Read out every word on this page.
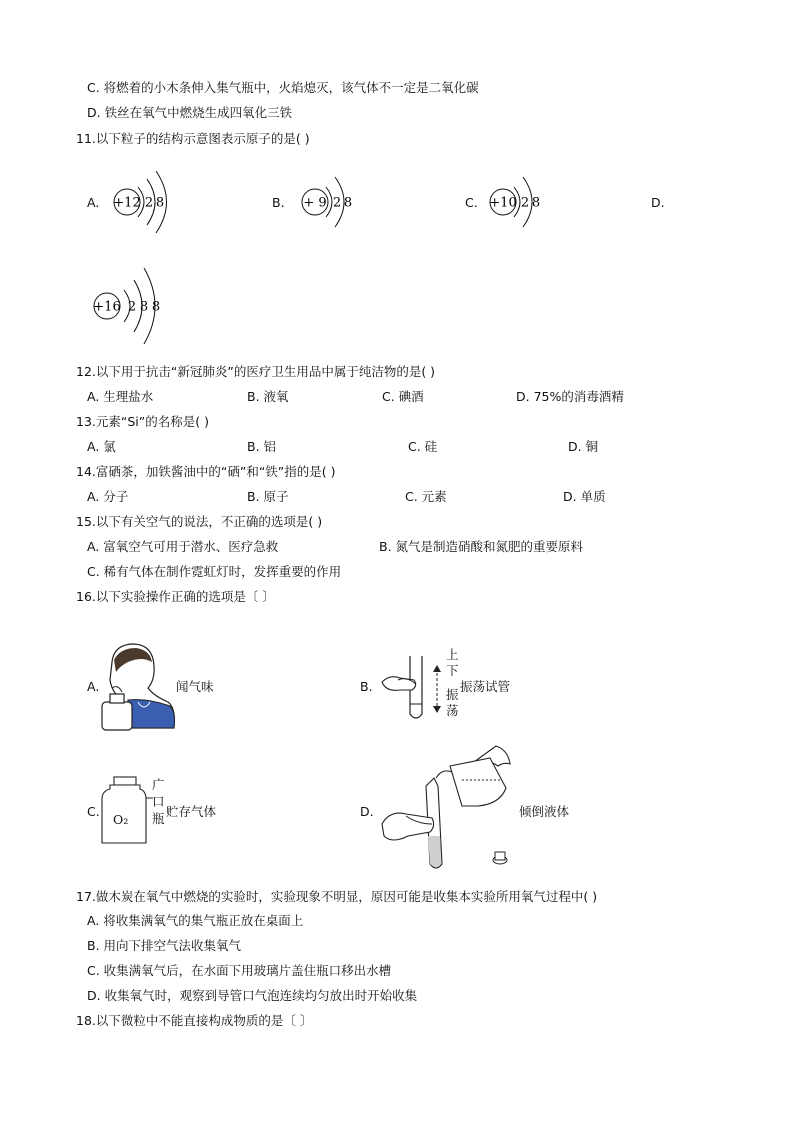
C. 将燃着的小木条伸入集气瓶中，火焰熄灭，该气体不一定是二氧化碳
D. 铁丝在氧气中燃烧生成四氧化三铁
11.以下粒子的结构示意图表示原子的是( )
A. +12 2 8	B. + 9 2 8	C. +10 2 8	D.
+16 2 8 8
12.以下用于抗击“新冠肺炎”的医疗卫生用品中属于纯洁物的是( )
A. 生理盐水	B. 液氧	C. 碘酒	D. 75%的消毒酒精
13.元素“Si”的名称是( )
A. 氯	B. 铝	C. 硅	D. 铜
14.富硒茶，加铁酱油中的“硒”和“铁”指的是( )
A. 分子	B. 原子	C. 元素	D. 单质
15.以下有关空气的说法，不正确的选项是( )
A. 富氧空气可用于潜水、医疗急救	B. 氮气是制造硝酸和氮肥的重要原料
C. 稀有气体在制作霓虹灯时，发挥重要的作用
16.以下实验操作正确的选项是〔 〕
A.	闻气味	B.
上
下
振
荡
振荡试管
C.
O₂
广
口
瓶 贮存气体	D.	倾倒液体
17.做木炭在氧气中燃烧的实验时，实验现象不明显，原因可能是收集本实验所用氧气过程中( )
A. 将收集满氧气的集气瓶正放在桌面上
B. 用向下排空气法收集氧气
C. 收集满氧气后，在水面下用玻璃片盖住瓶口移出水槽
D. 收集氧气时，观察到导管口气泡连续均匀放出时开始收集
18.以下微粒中不能直接构成物质的是〔 〕
